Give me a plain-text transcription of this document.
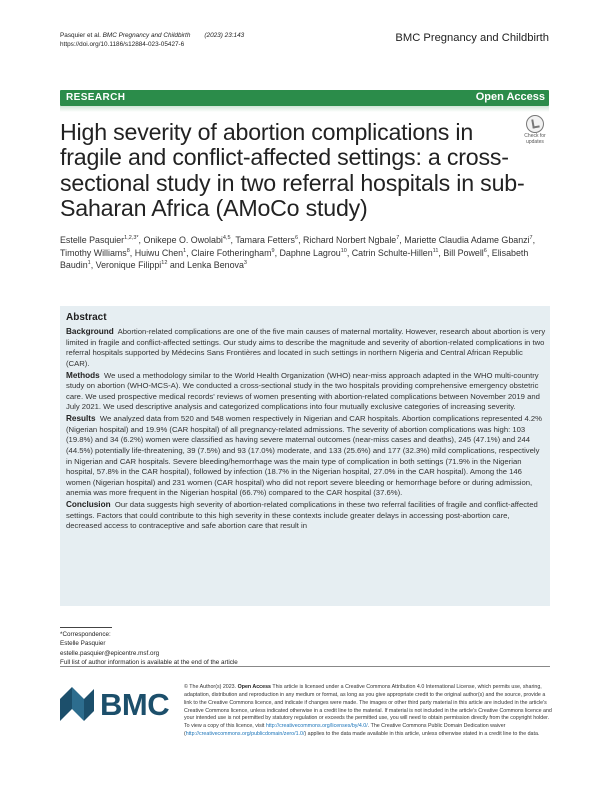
Pasquier et al. BMC Pregnancy and Childbirth (2023) 23:143
https://doi.org/10.1186/s12884-023-05427-6
BMC Pregnancy and Childbirth
RESEARCH	Open Access
Check for updates
High severity of abortion complications in fragile and conflict-affected settings: a cross-sectional study in two referral hospitals in sub-Saharan Africa (AMoCo study)
Estelle Pasquier$^{1,2,3*}$, Onikepe O. Owolabi$^{4,5}$, Tamara Fetters$^6$, Richard Norbert Ngbale$^7$, Mariette Claudia Adame Gbanzi$^7$, Timothy Williams$^8$, Huiwu Chen$^1$, Claire Fotheringham$^9$, Daphne Lagrou$^{10}$, Catrin Schulte-Hillen$^{11}$, Bill Powell$^6$, Elisabeth Baudin$^1$, Veronique Filippi$^{12}$ and Lenka Benova$^3$
Abstract

Background Abortion-related complications are one of the five main causes of maternal mortality. However, research about abortion is very limited in fragile and conflict-affected settings. Our study aims to describe the magnitude and severity of abortion-related complications in two referral hospitals supported by Médecins Sans Frontières and located in such settings in northern Nigeria and Central African Republic (CAR).

Methods We used a methodology similar to the World Health Organization (WHO) near-miss approach adapted in the WHO multi-country study on abortion (WHO-MCS-A). We conducted a cross-sectional study in the two hospitals providing comprehensive emergency obstetric care. We used prospective medical records' reviews of women presenting with abortion-related complications between November 2019 and July 2021. We used descriptive analysis and categorized complications into four mutually exclusive categories of increasing severity.

Results We analyzed data from 520 and 548 women respectively in Nigerian and CAR hospitals. Abortion complications represented 4.2% (Nigerian hospital) and 19.9% (CAR hospital) of all pregnancy-related admissions. The severity of abortion complications was high: 103 (19.8%) and 34 (6.2%) women were classified as having severe maternal outcomes (near-miss cases and deaths), 245 (47.1%) and 244 (44.5%) potentially life-threatening, 39 (7.5%) and 93 (17.0%) moderate, and 133 (25.6%) and 177 (32.3%) mild complications, respectively in Nigerian and CAR hospitals. Severe bleeding/hemorrhage was the main type of complication in both settings (71.9% in the Nigerian hospital, 57.8% in the CAR hospital), followed by infection (18.7% in the Nigerian hospital, 27.0% in the CAR hospital). Among the 146 women (Nigerian hospital) and 231 women (CAR hospital) who did not report severe bleeding or hemorrhage before or during admission, anemia was more frequent in the Nigerian hospital (66.7%) compared to the CAR hospital (37.6%).

Conclusion Our data suggests high severity of abortion-related complications in these two referral facilities of fragile and conflict-affected settings. Factors that could contribute to this high severity in these contexts include greater delays in accessing post-abortion care, decreased access to contraceptive and safe abortion care that result in

*Correspondence:
Estelle Pasquier
estelle.pasquier@epicentre.msf.org
Full list of author information is available at the end of the article
BMC	© The Author(s) 2023. Open Access This article is licensed under a Creative Commons Attribution 4.0 International License, which permits use, sharing, adaptation, distribution and reproduction in any medium or format, as long as you give appropriate credit to the original author(s) and the source, provide a link to the Creative Commons licence, and indicate if changes were made. The images or other third party material in this article are included in the article's Creative Commons licence, unless indicated otherwise in a credit line to the material. If material is not included in the article's Creative Commons licence and your intended use is not permitted by statutory regulation or exceeds the permitted use, you will need to obtain permission directly from the copyright holder. To view a copy of this licence, visit http://creativecommons.org/licenses/by/4.0/. The Creative Commons Public Domain Dedication waiver (http://creativecommons.org/publicdomain/zero/1.0/) applies to the data made available in this article, unless otherwise stated in a credit line to the data.
